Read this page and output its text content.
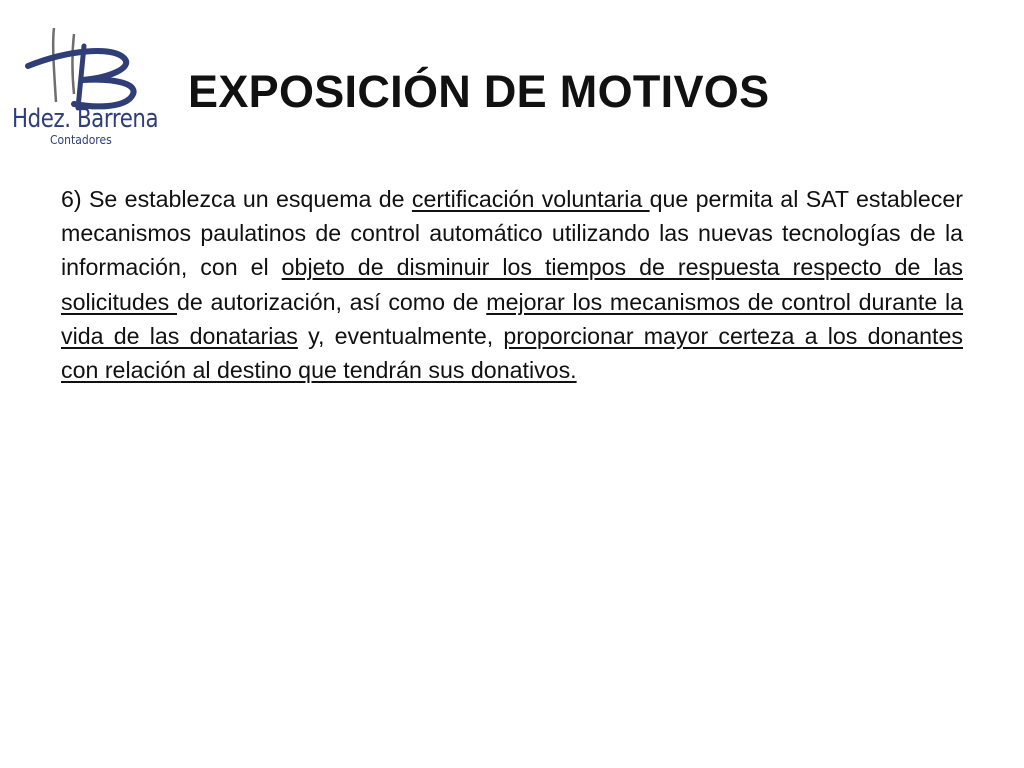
Hdez. Barrena
Contadores
EXPOSICIÓN DE MOTIVOS

6) Se establezca un esquema de certificación voluntaria que permita al SAT establecer mecanismos paulatinos de control automático utilizando las nuevas tecnologías de la información, con el objeto de disminuir los tiempos de respuesta respecto de las solicitudes de autorización, así como de mejorar los mecanismos de control durante la vida de las donatarias y, eventualmente, proporcionar mayor certeza a los donantes con relación al destino que tendrán sus donativos.
